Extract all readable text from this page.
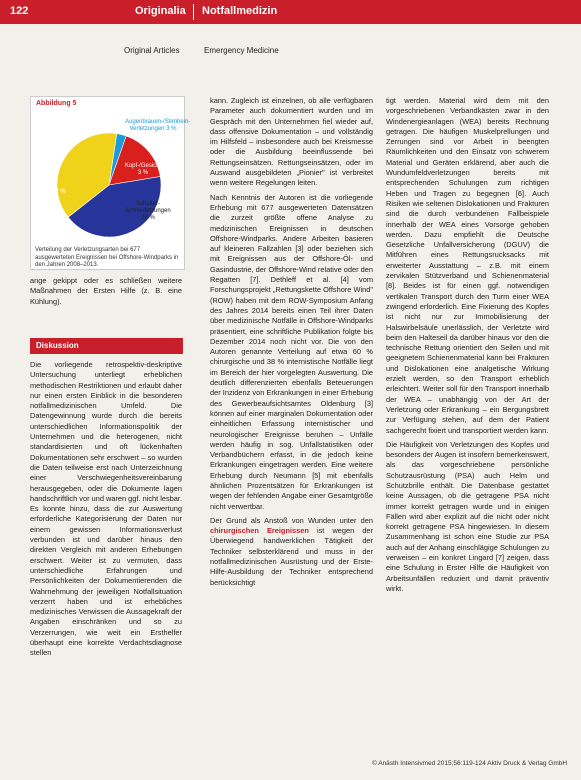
122	Originalia Notfallmedizin
Original Articles	Emergency Medicine
Abbildung 5
Augenbrauen-/Stirnbein-Verletzungen 3 %
Kopf-/Gesicht 3 %
Knie 42 %
Schulter-Armverletzungen 38 %
Verteilung der Verletzungsarten bei 677 ausgewerteten Ereignissen bei Offshore-Windparks in den Jahren 2008–2013.

ange gekippt oder es schließen weitere Maßnahmen der Ersten Hilfe (z. B. eine Kühlung).

Diskussion

Die vorliegende retrospektiv-deskriptive Untersuchung unterliegt erheblichen methodischen Restriktionen und erlaubt daher nur einen ersten Einblick in die besonderen notfallmedizinischen Umfeld. Die Datengewinnung wurde durch die bereits unterschiedlichen Informationspolitik der Unternehmen und die heterogenen, nicht standardisierten und oft lückenhaften Dokumentationen sehr erschwert – so wurden die Daten teilweise erst nach Unterzeichnung einer Verschwiegenheitsvereinbarung herausgegeben, oder die Dokumente lagen handschriftlich vor und waren ggf. nicht lesbar. Es konnte hinzu, dass die zur Auswertung erforderliche Kategorisierung der Daten nur einem gewissen Informationsverlust verbunden ist und darüber hinaus den direkten Vergleich mit anderen Erhebungen erschwert. Weiter ist zu vermuten, dass unterschiedliche Erfahrungen und Persönlichkeiten der Dokumentierenden die Wahrnehmung der jeweiligen Notfallsituation verzerrt haben und ist erhebliches medizinisches Verwissen die Aussagekraft der Angaben einschränken und so zu Verzerrungen, wie weit ein Ersthelfer überhaupt eine korrekte Verdachtsdiagnose stellen

kann. Zugleich ist einzelnen, ob alle verfügbaren Parameter auch dokumentiert wurden und im Gespräch mit den Unternehmen fiel wieder auf, dass offensive Dokumentation – und vollständig im Hilfsfeld – insbesondere auch bei Kreismesse oder die Ausbildung beeinflussende bei Rettungseinsätzen. Rettungseinsätzen, oder im Auswand ausgebildeten „Pionier" ist verbreitet wenn weitere Regelungen leiten.

Nach Kenntnis der Autoren ist die vorliegende Erhebung mit 677 ausgewerteten Datensätzen die zurzeit größte offene Analyse zu medizinischen Ereignissen in deutschen Offshore-Windparks. Andere Arbeiten basieren auf kleineren Fallzahlen [3] oder beziehen sich mit Ereignissen aus der Offshore-Öl- und Gasindustrie, der Offshore-Wind relative oder den Regatten [7]. Dethleff et al. [4] vom Forschungsprojekt „Rettungskette Offshore Wind" (ROW) haben mit dem ROW-Symposium Anfang des Jahres 2014 bereits einen Teil ihrer Daten über medizinische Notfälle in Offshore-Windparks präsentiert, eine schriftliche Publikation folgte bis Dezember 2014 noch nicht vor. Die von den Autoren genannte Verteilung auf etwa 60 % chirurgische und 38 % internistische Notfälle liegt im Bereich der hier vorgelegten Auswertung. Die deutlich differenzierten ebenfalls Beteuerungen der Inzidenz von Erkrankungen in einer Erhebung des Gewerbeaufsichtsamtes Oldenburg [3] können auf einer marginalen Dokumentation oder einheitlichen Erfassung internistischer und neurologischer Ereignisse beruhen – Unfälle werden häufig in sog. Unfallstatistiken oder Verbandbüchern erfasst, in die jedoch keine Erkrankungen eingetragen werden. Eine weitere Erhebung durch Neumann [5] mit ebenfalls ähnlichen Prozentsätzen für Erkrankungen ist wegen der fehlenden Angabe einer Gesamtgröße nicht verwertbar.

Der Grund als Anstoß von Wunden unter den chirurgischen Ereignissen ist wegen der Überwiegend handwerklichen Tätigkeit der Techniker selbsterklärend und muss in der notfallmedizinischen Ausrüstung und der Erste-Hilfe-Ausbildung der Techniker entsprechend berücksichtigt

tigt werden. Material wird dem mit den vorgeschriebenen Verbandkästen zwar in den Windenergieanlagen (WEA) bereits Rechnung getragen. Die häufigen Muskelprellungen und Zerrungen sind vor Arbeit in beengten Räumlichkeiten und den Einsatz von schwerem Material und Geräten erklärend, aber auch die Wundumfeldverletzungen bereits mit entsprechenden Schulungen zum richtigen Heben und Tragen zu begegnen [6]. Auch Risiken wie seltenen Dislokationen und Frakturen sind die durch verbundenen Fallbeispiele innerhalb der WEA eines Vorsorge gehoben werden. Dazu empfiehlt die Deutsche Gesetzliche Unfallversicherung (DGUV) die Mitführen eines Rettungsrucksacks mit erweiterter Ausstattung – z.B. mit einem zervikalen Stützverband und Schienenmaterial [8]. Beides ist für einen ggf. notwendigen vertikalen Transport durch den Turm einer WEA zwingend erforderlich. Eine Fixierung des Kopfes ist nicht nur zur Immobilisierung der Halswirbelsäule unerlässlich, der Verletzte wird beim den Halteseil da darüber hinaus vor den die technische Rettung orientiert den Seilen und mit geeignetem Schienenmaterial kann bei Frakturen und Dislokationen eine analgetische Wirkung erzielt werden, so den Transport erheblich erleichtert. Weiter soll für den Transport innerhalb der WEA – unabhängig von der Art der Verletzung oder Erkrankung – ein Bergungsbrett zur Verfügung stehen, auf dem der Patient sachgerecht fixiert und transportiert werden kann.

Die Häufigkeit von Verletzungen des Kopfes und besonders der Augen ist insofern bemerkenswert, als das vorgeschriebene persönliche Schutzausrüstung (PSA) auch Helm und Schutzbrille enthält. Die Datenbase gestattet keine Aussagen, ob die getragene PSA nicht immer korrekt getragen wurde und in einigen Fällen wird aber explizit auf die nicht oder nicht korrekt getragene PSA hingewiesen. In diesem Zusammenhang ist schon eine Studie zur PSA auch auf der Anhang einschlägige Schulungen zu verweisen – ein konkret Lingard [7] zeigen, dass eine Schulung in Erster Hilfe die Häufigkeit von Arbeitsunfällen reduziert und damit präventiv wirkt.

© Anästh Intensivmed 2015;56:119-124 Aktiv Druck & Verlag GmbH
